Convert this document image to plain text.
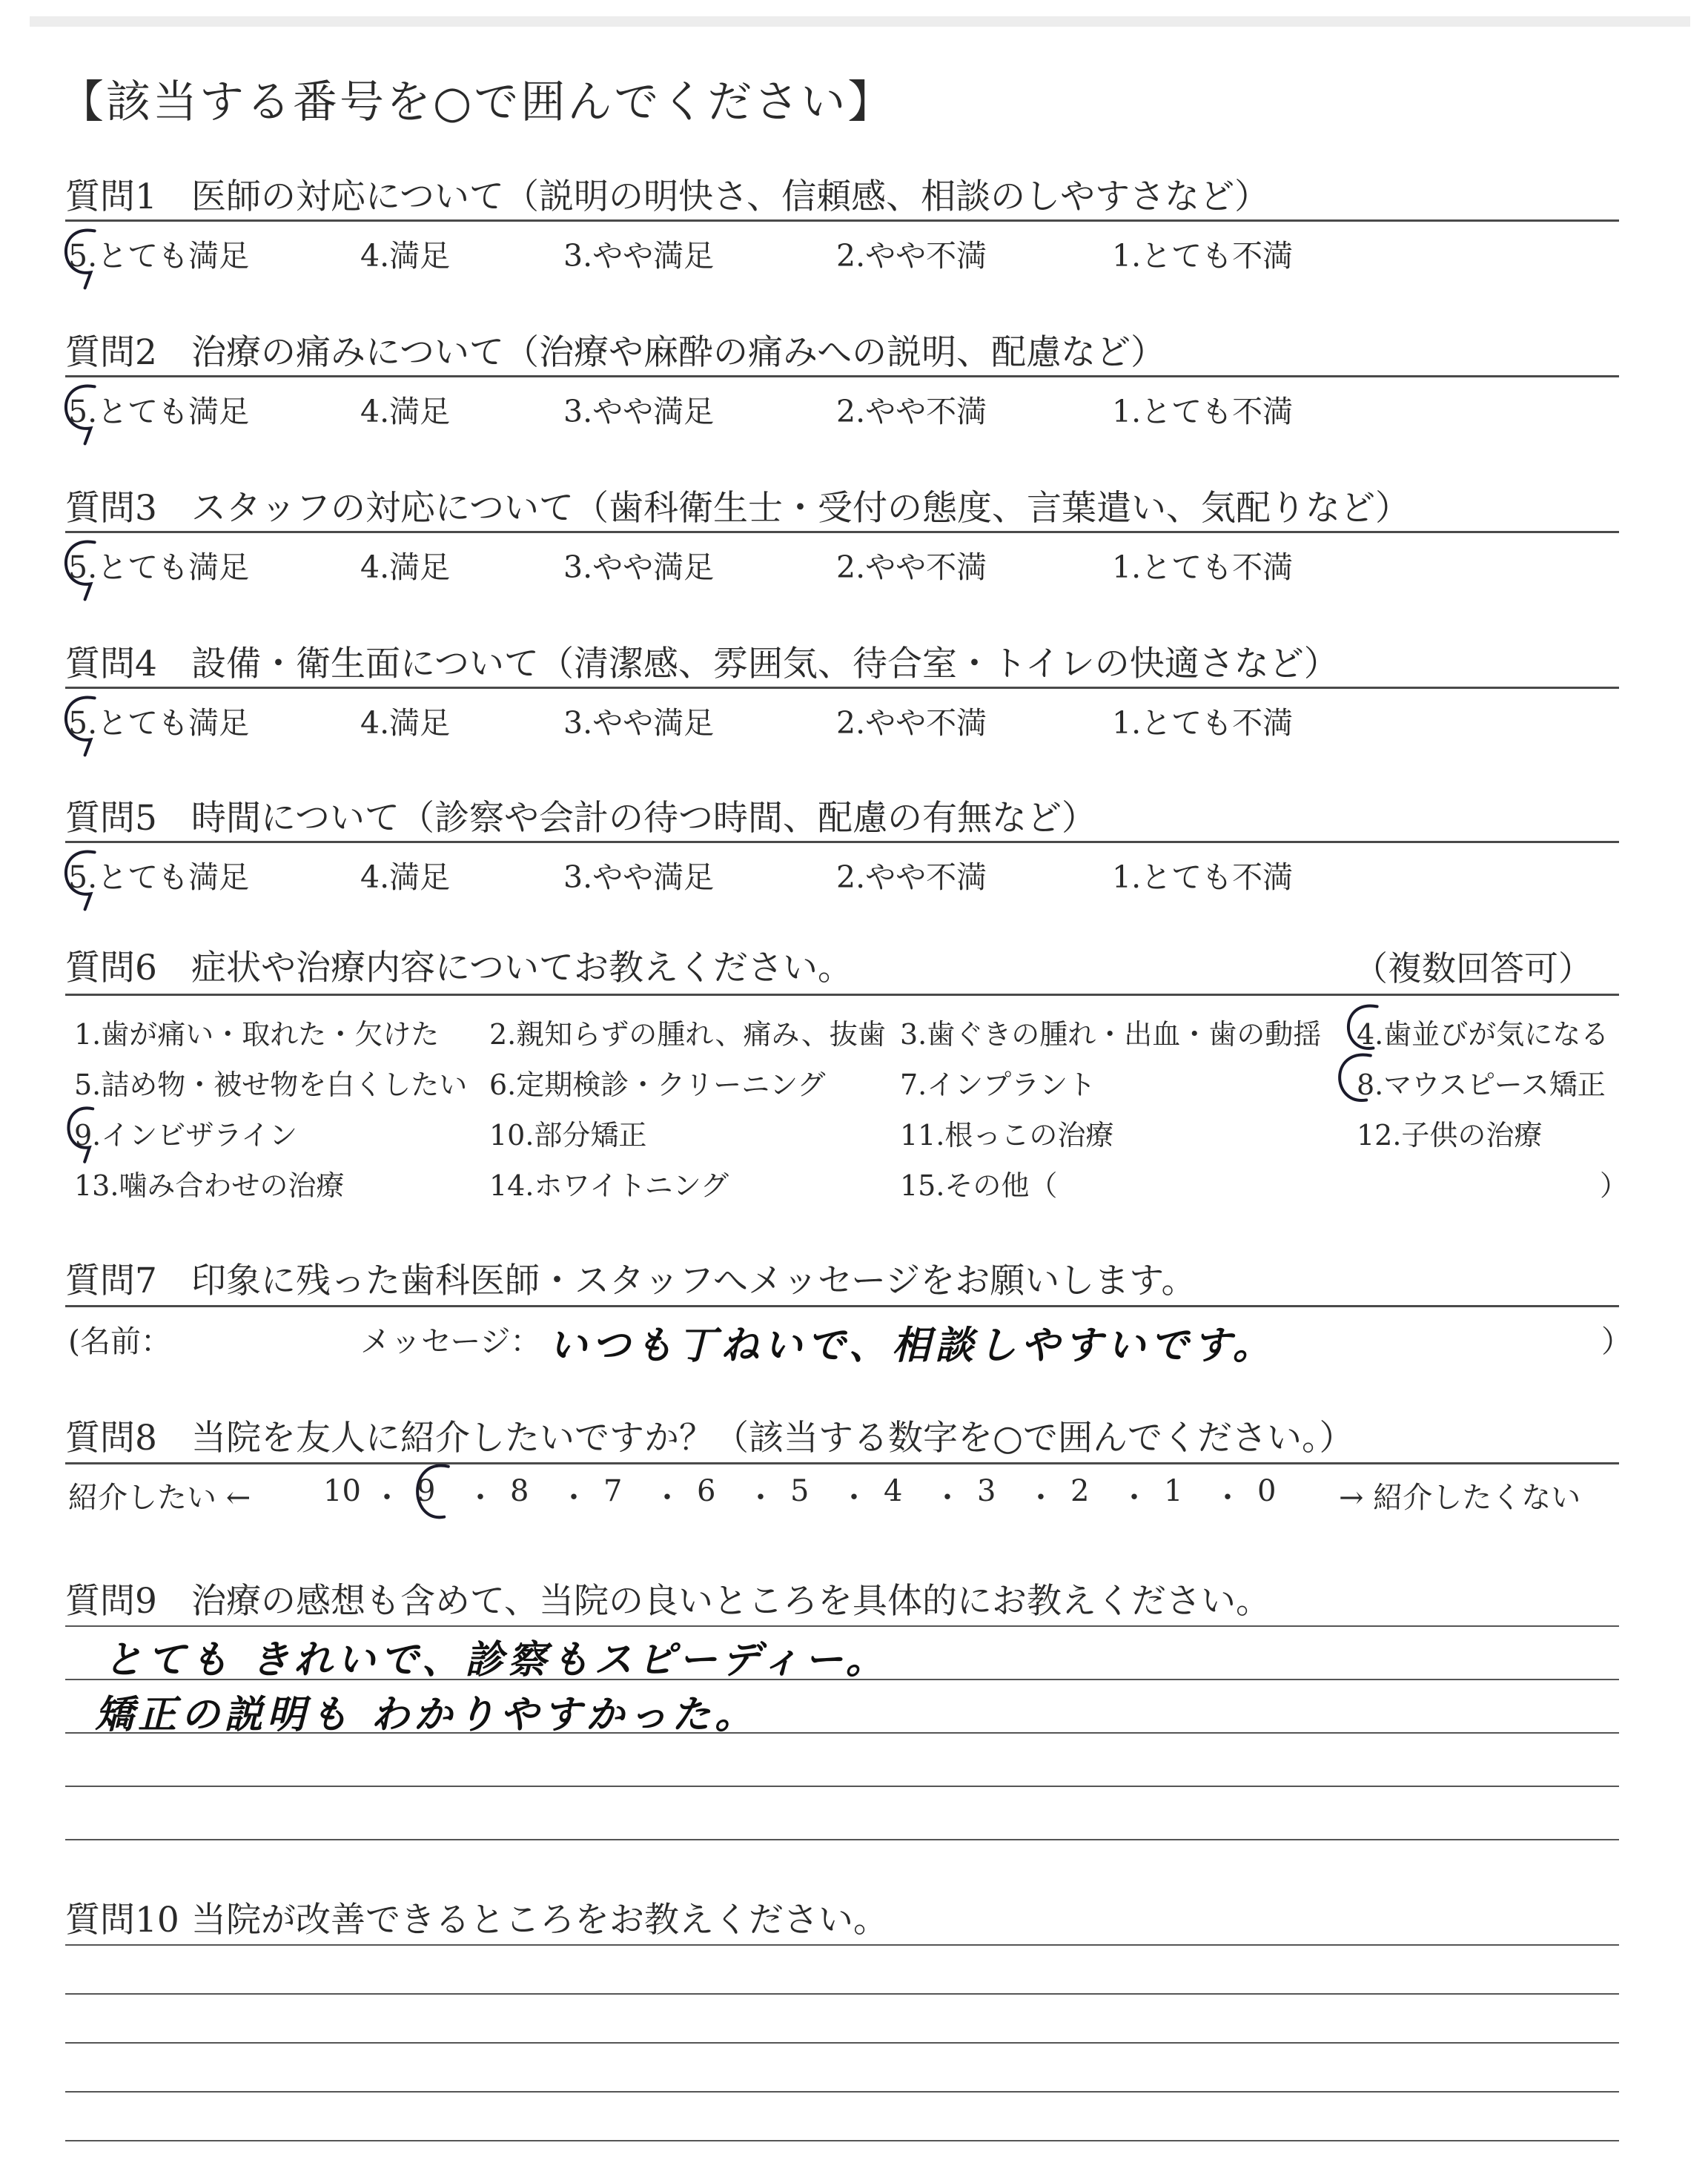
【該当する番号を○で囲んでください】
質問6 症状や治療内容についてお教えください。	（複数回答可）
）
質問7 印象に残った歯科医師・スタッフへメッセージをお願いします。
(名前：	メッセージ： いつも丁ねいで、相談しやすいです。	）
質問8 当院を友人に紹介したいですか？（該当する数字を○で囲んでください。）
紹介したい ←	→ 紹介したくない
質問9 治療の感想も含めて、当院の良いところを具体的にお教えください。
とても きれいで、診察もスピーディー。
矯正の説明も わかりやすかった。
質問10 当院が改善できるところをお教えください。
質問1 医師の対応について（説明の明快さ、信頼感、相談のしやすさなど）
5.とても満足	4.満足	3.やや満足	2.やや不満	1.とても不満
質問2 治療の痛みについて（治療や麻酔の痛みへの説明、配慮など）
5.とても満足	4.満足	3.やや満足	2.やや不満	1.とても不満
質問3 スタッフの対応について（歯科衛生士・受付の態度、言葉遣い、気配りなど）
5.とても満足	4.満足	3.やや満足	2.やや不満	1.とても不満
質問4 設備・衛生面について（清潔感、雰囲気、待合室・トイレの快適さなど）
5.とても満足	4.満足	3.やや満足	2.やや不満	1.とても不満
質問5 時間について（診察や会計の待つ時間、配慮の有無など）
5.とても満足	4.満足	3.やや満足	2.やや不満	1.とても不満
1.歯が痛い・取れた・欠けた 2.親知らずの腫れ、痛み、抜歯 3.歯ぐきの腫れ・出血・歯の動揺 4.歯並びが気になる
5.詰め物・被せ物を白くしたい 6.定期検診・クリーニング	7.インプラント	8.マウスピース矯正
9.インビザライン	10.部分矯正	11.根っこの治療	12.子供の治療
13.噛み合わせの治療	14.ホワイトニング	15.その他（
10 ・ 9 ・ 8 ・ 7 ・ 6 ・ 5 ・ 4 ・ 3 ・ 2 ・ 1 ・ 0
